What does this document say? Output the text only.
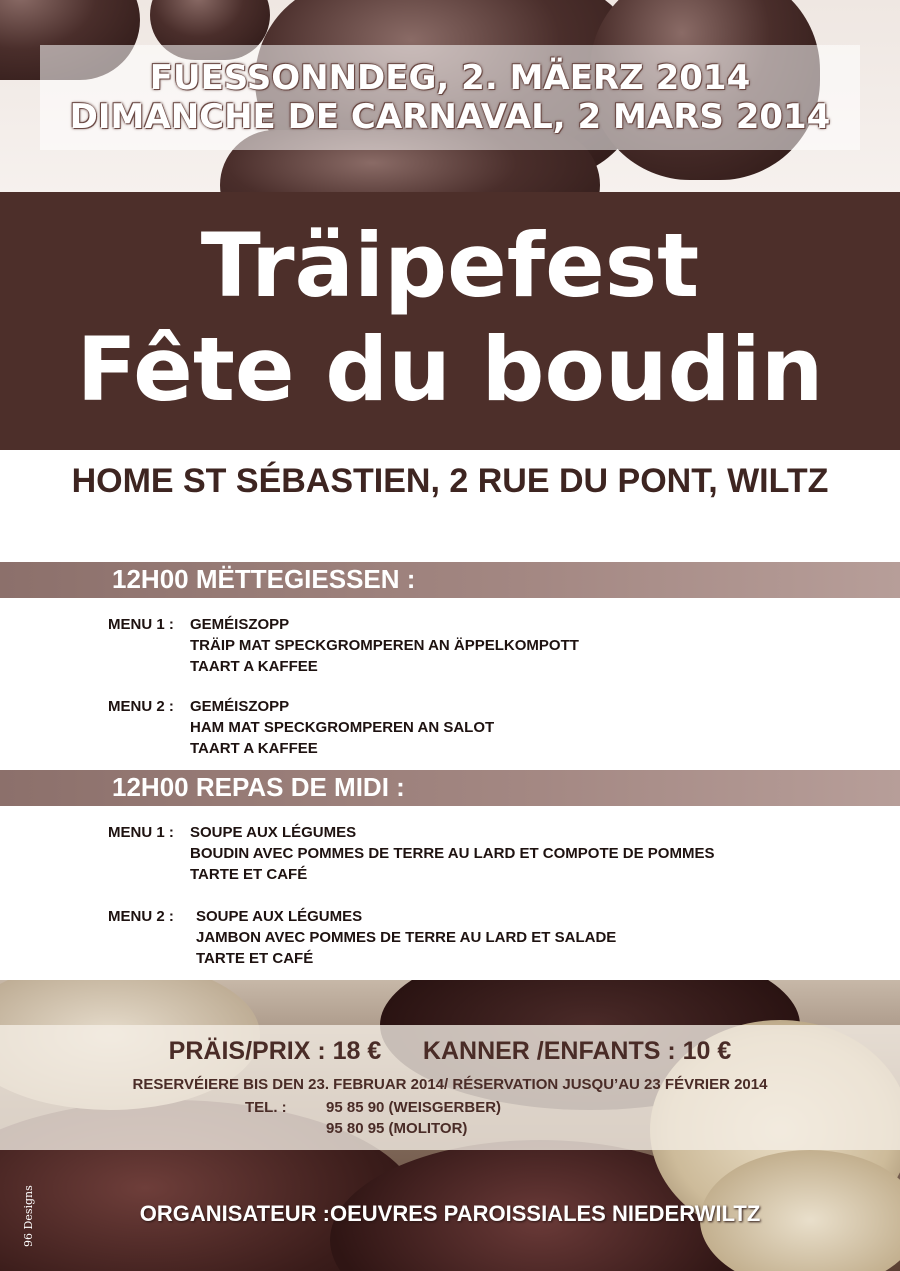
FUESSONNDEG, 2. MÄERZ 2014
DIMANCHE DE CARNAVAL, 2 MARS 2014
Träipefest
Fête du boudin
HOME ST SÉBASTIEN, 2 RUE DU PONT, WILTZ
12H00 MËTTEGIESSEN :
MENU 1 : GEMÉISZOPP
TRÄIP MAT SPECKGROMPEREN AN ÄPPELKOMPOTT
TAART A KAFFEE
MENU 2 : GEMÉISZOPP
HAM MAT SPECKGROMPEREN AN SALOT
TAART A KAFFEE
12H00 REPAS DE MIDI :
MENU 1 : SOUPE AUX LÉGUMES
BOUDIN AVEC POMMES DE TERRE AU LARD ET COMPOTE DE POMMES
TARTE ET CAFÉ
MENU 2 : SOUPE AUX LÉGUMES
JAMBON AVEC POMMES DE TERRE AU LARD ET SALADE
TARTE ET CAFÉ
PRÄIS/PRIX : 18 €      KANNER /ENFANTS : 10 €
RESERVÉIERE BIS DEN 23. FEBRUAR 2014/ RÉSERVATION JUSQU’AU 23 FÉVRIER 2014
TEL. :	95 85 90 (WEISGERBER)
95 80 95 (MOLITOR)
ORGANISATEUR :OEUVRES PAROISSIALES NIEDERWILTZ
96 Designs
